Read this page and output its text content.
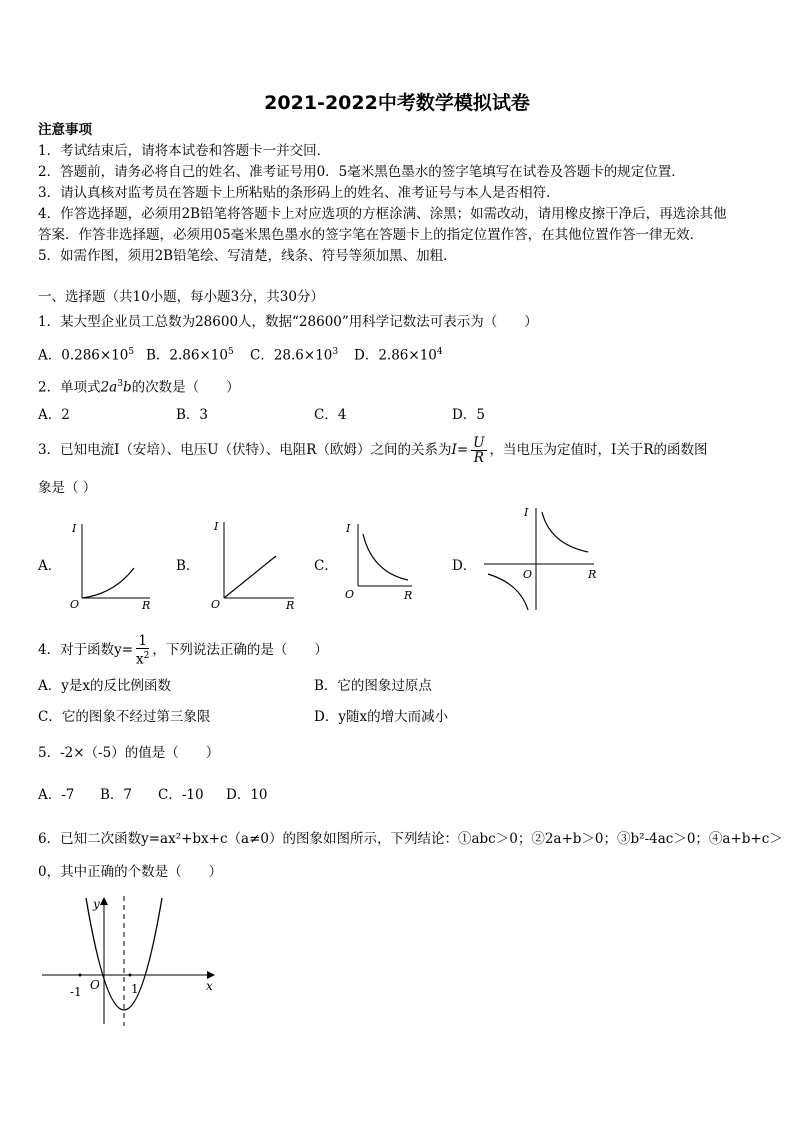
2021-2022中考数学模拟试卷
注意事项
1．考试结束后，请将本试卷和答题卡一并交回．
2．答题前，请务必将自己的姓名、准考证号用0．5毫米黑色墨水的签字笔填写在试卷及答题卡的规定位置．
3．请认真核对监考员在答题卡上所粘贴的条形码上的姓名、准考证号与本人是否相符．
4．作答选择题，必须用2B铅笔将答题卡上对应选项的方框涂满、涂黑；如需改动，请用橡皮擦干净后，再选涂其他
答案．作答非选择题，必须用05毫米黑色墨水的签字笔在答题卡上的指定位置作答，在其他位置作答一律无效．
5．如需作图，须用2B铅笔绘、写清楚，线条、符号等须加黑、加粗．
一、选择题（共10小题，每小题3分，共30分）
1．某大型企业员工总数为28600人，数据“28600”用科学记数法可表示为（　　）
A．$0.286\times 10^5$ B．$2.86\times 10^5$ C．$28.6\times 10^3$ D．$2.86\times 10^4$
2．单项式$2a^3b$的次数是（　　）
A．2	B．3	C．4	D．5
3．已知电流I（安培）、电压U（伏特）、电阻R（欧姆）之间的关系为$I= \frac{U}{R}$ ，当电压为定值时，I关于R的函数图
象是（ ）
A．
I
O	R
B．
I
O	R
C．
I
O	R
D．
I
O	R
4．对于函数$y= \frac{1}{x^2}$ ，下列说法正确的是（　　）
A．y是x的反比例函数	B．它的图象过原点
C．它的图象不经过第三象限	D．y随x的增大而减小
5．-2×（-5）的值是（　　）
A．-7 B．7 C．-10 D．10
6．已知二次函数y=ax²+bx+c（a≠0）的图象如图所示，下列结论：①abc＞0；②2a+b＞0；③b²-4ac＞0；④a+b+c＞
0，其中正确的个数是（　　）
y
x
O
-1	1
